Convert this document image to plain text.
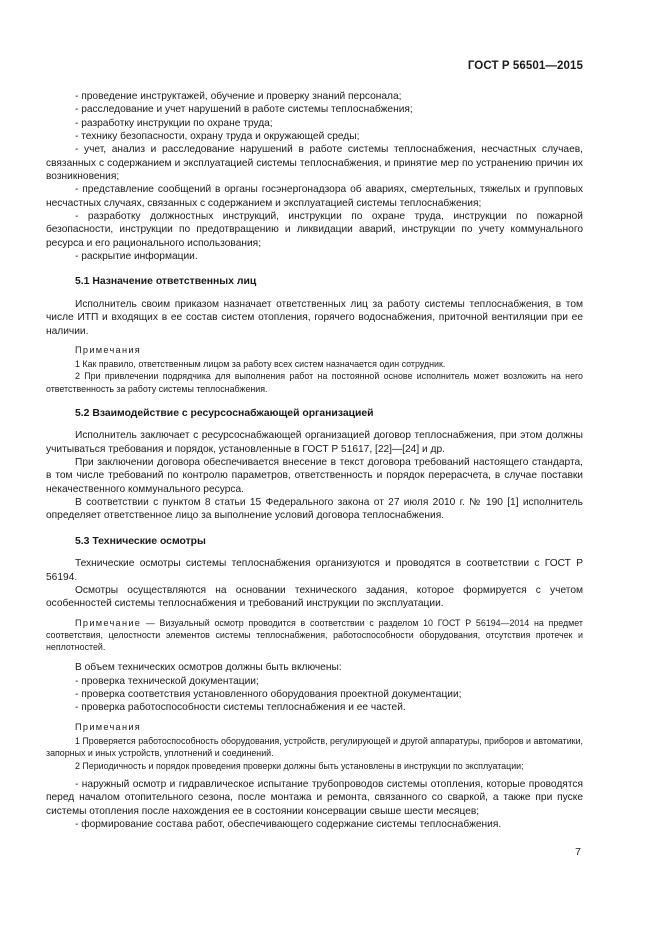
ГОСТ Р 56501—2015

- проведение инструктажей, обучение и проверку знаний персонала;

- расследование и учет нарушений в работе системы теплоснабжения;

- разработку инструкции по охране труда;

- технику безопасности, охрану труда и окружающей среды;

- учет, анализ и расследование нарушений в работе системы теплоснабжения, несчастных случаев, связанных с содержанием и эксплуатацией системы теплоснабжения, и принятие мер по устранению причин их возникновения;

- представление сообщений в органы госэнергонадзора об авариях, смертельных, тяжелых и групповых несчастных случаях, связанных с содержанием и эксплуатацией системы теплоснабжения;

- разработку должностных инструкций, инструкции по охране труда, инструкции по пожарной безопасности, инструкции по предотвращению и ликвидации аварий, инструкции по учету коммунального ресурса и его рационального использования;

- раскрытие информации.

5.1 Назначение ответственных лиц

Исполнитель своим приказом назначает ответственных лиц за работу системы теплоснабжения, в том числе ИТП и входящих в ее состав систем отопления, горячего водоснабжения, приточной вентиляции при ее наличии.

Примечания

1 Как правило, ответственным лицом за работу всех систем назначается один сотрудник.

2 При привлечении подрядчика для выполнения работ на постоянной основе исполнитель может возложить на него ответственность за работу системы теплоснабжения.

5.2 Взаимодействие с ресурсоснабжающей организацией

Исполнитель заключает с ресурсоснабжающей организацией договор теплоснабжения, при этом должны учитываться требования и порядок, установленные в ГОСТ Р 51617, [22]—[24] и др.

При заключении договора обеспечивается внесение в текст договора требований настоящего стандарта, в том числе требований по контролю параметров, ответственность и порядок перерасчета, в случае поставки некачественного коммунального ресурса.

В соответствии с пунктом 8 статьи 15 Федерального закона от 27 июля 2010 г. № 190 [1] исполнитель определяет ответственное лицо за выполнение условий договора теплоснабжения.

5.3 Технические осмотры

Технические осмотры системы теплоснабжения организуются и проводятся в соответствии с ГОСТ Р 56194.

Осмотры осуществляются на основании технического задания, которое формируется с учетом особенностей системы теплоснабжения и требований инструкции по эксплуатации.

Примечание — Визуальный осмотр проводится в соответствии с разделом 10 ГОСТ Р 56194—2014 на предмет соответствия, целостности элементов системы теплоснабжения, работоспособности оборудования, отсутствия протечек и неплотностей.

В объем технических осмотров должны быть включены:

- проверка технической документации;

- проверка соответствия установленного оборудования проектной документации;

- проверка работоспособности системы теплоснабжения и ее частей.

Примечания

1 Проверяется работоспособность оборудования, устройств, регулирующей и другой аппаратуры, приборов и автоматики, запорных и иных устройств, уплотнений и соединений.

2 Периодичность и порядок проведения проверки должны быть установлены в инструкции по эксплуатации;

- наружный осмотр и гидравлическое испытание трубопроводов системы отопления, которые проводятся перед началом отопительного сезона, после монтажа и ремонта, связанного со сваркой, а также при пуске системы отопления после нахождения ее в состоянии консервации свыше шести месяцев;

- формирование состава работ, обеспечивающего содержание системы теплоснабжения.

7
